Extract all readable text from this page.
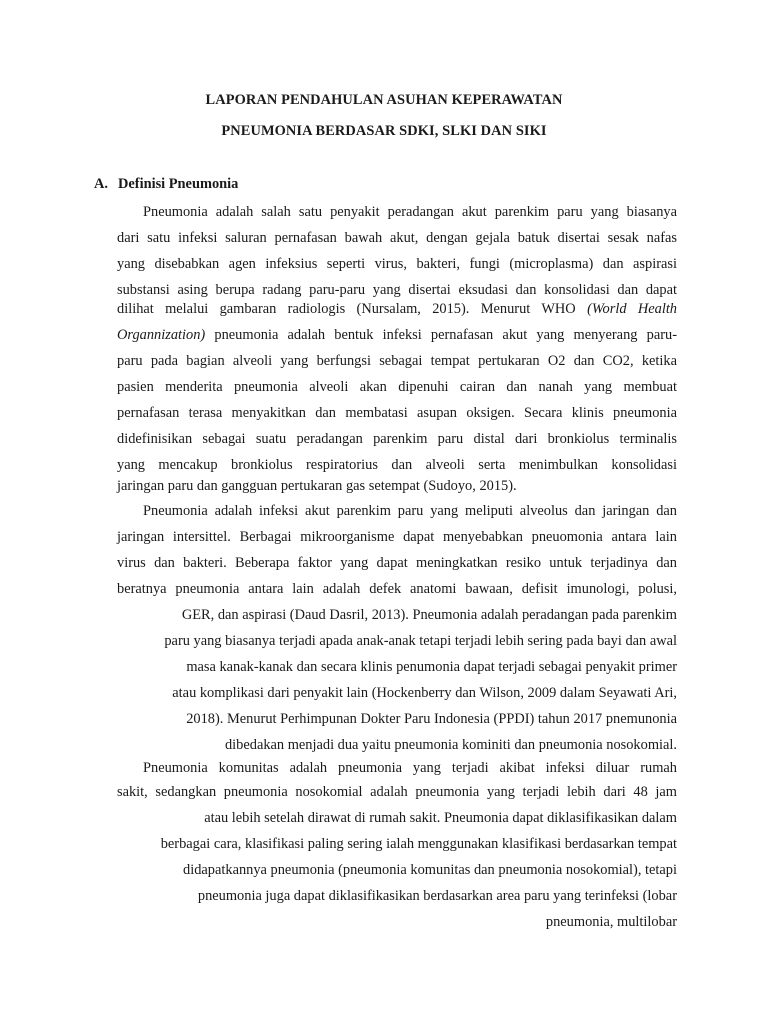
LAPORAN PENDAHULAN ASUHAN KEPERAWATAN

PNEUMONIA BERDASAR SDKI, SLKI DAN SIKI

A. Definisi Pneumonia
Pneumonia adalah salah satu penyakit peradangan akut parenkim paru yang biasanya
dari satu infeksi saluran pernafasan bawah akut, dengan gejala batuk disertai sesak nafas
yang disebabkan agen infeksius seperti virus, bakteri, fungi (microplasma) dan aspirasi
substansi asing berupa radang paru-paru yang disertai eksudasi dan konsolidasi dan dapat
dilihat melalui gambaran radiologis (Nursalam, 2015). Menurut WHO (World Health
Organnization) pneumonia adalah bentuk infeksi pernafasan akut yang menyerang paru-
paru pada bagian alveoli yang berfungsi sebagai tempat pertukaran O2 dan CO2, ketika
pasien menderita pneumonia alveoli akan dipenuhi cairan dan nanah yang membuat
pernafasan terasa menyakitkan dan membatasi asupan oksigen. Secara klinis pneumonia
didefinisikan sebagai suatu peradangan parenkim paru distal dari bronkiolus terminalis
yang mencakup bronkiolus respiratorius dan alveoli serta menimbulkan konsolidasi
jaringan paru dan gangguan pertukaran gas setempat (Sudoyo, 2015).
Pneumonia adalah infeksi akut parenkim paru yang meliputi alveolus dan jaringan dan
jaringan intersittel. Berbagai mikroorganisme dapat menyebabkan pneuomonia antara lain
virus dan bakteri. Beberapa faktor yang dapat meningkatkan resiko untuk terjadinya dan
beratnya pneumonia antara lain adalah defek anatomi bawaan, defisit imunologi, polusi,
GER, dan aspirasi (Daud Dasril, 2013). Pneumonia adalah peradangan pada parenkim
paru yang biasanya terjadi apada anak-anak tetapi terjadi lebih sering pada bayi dan awal
masa kanak-kanak dan secara klinis penumonia dapat terjadi sebagai penyakit primer
atau komplikasi dari penyakit lain (Hockenberry dan Wilson, 2009 dalam Seyawati Ari,
2018). Menurut Perhimpunan Dokter Paru Indonesia (PPDI) tahun 2017 pnemunonia
dibedakan menjadi dua yaitu pneumonia kominiti dan pneumonia nosokomial.
Pneumonia komunitas adalah pneumonia yang terjadi akibat infeksi diluar rumah
sakit, sedangkan pneumonia nosokomial adalah pneumonia yang terjadi lebih dari 48 jam
atau lebih setelah dirawat di rumah sakit. Pneumonia dapat diklasifikasikan dalam
berbagai cara, klasifikasi paling sering ialah menggunakan klasifikasi berdasarkan tempat
didapatkannya pneumonia (pneumonia komunitas dan pneumonia nosokomial), tetapi
pneumonia juga dapat diklasifikasikan berdasarkan area paru yang terinfeksi (lobar
pneumonia, multilobar
